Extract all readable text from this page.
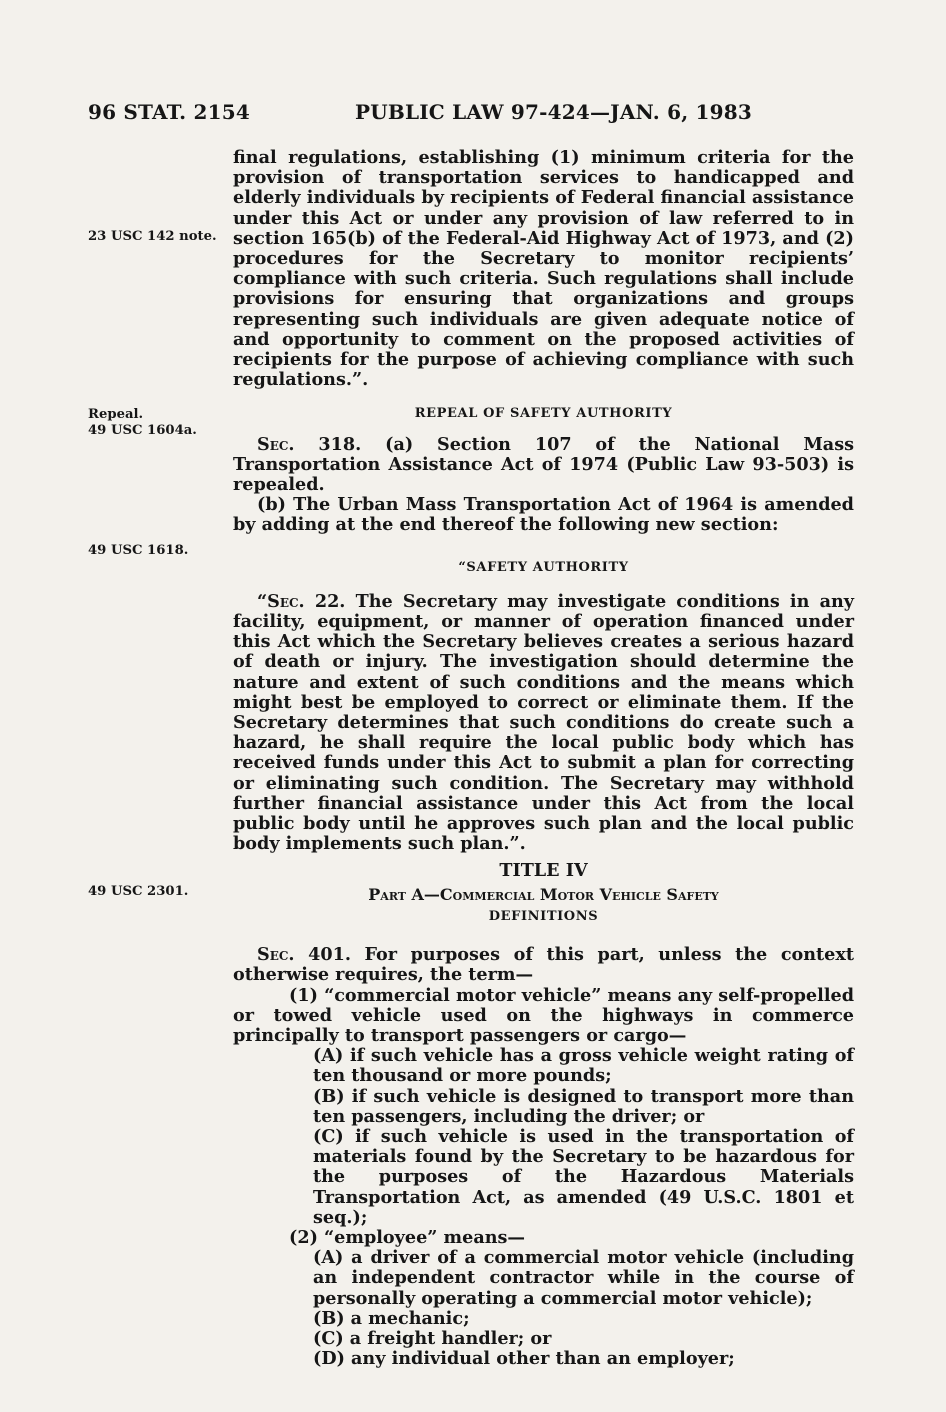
96 STAT. 2154	PUBLIC LAW 97-424—JAN. 6, 1983
23 USC 142 note.
Repeal.
49 USC 1604a.
49 USC 1618.
49 USC 2301.

final regulations, establishing (1) minimum criteria for the provision of transportation services to handicapped and elderly individuals by recipients of Federal financial assistance under this Act or under any provision of law referred to in section 165(b) of the Federal-Aid Highway Act of 1973, and (2) procedures for the Secretary to monitor recipients’ compliance with such criteria. Such regulations shall include provisions for ensuring that organizations and groups representing such individuals are given adequate notice of and opportunity to comment on the proposed activities of recipients for the purpose of achieving compliance with such regulations.”.

REPEAL OF SAFETY AUTHORITY

Sec. 318. (a) Section 107 of the National Mass Transportation Assistance Act of 1974 (Public Law 93-503) is repealed.

(b) The Urban Mass Transportation Act of 1964 is amended by adding at the end thereof the following new section:

“SAFETY AUTHORITY

“Sec. 22. The Secretary may investigate conditions in any facility, equipment, or manner of operation financed under this Act which the Secretary believes creates a serious hazard of death or injury. The investigation should determine the nature and extent of such conditions and the means which might best be employed to correct or eliminate them. If the Secretary determines that such conditions do create such a hazard, he shall require the local public body which has received funds under this Act to submit a plan for correcting or eliminating such condition. The Secretary may withhold further financial assistance under this Act from the local public body until he approves such plan and the local public body implements such plan.”.

TITLE IV
Part A—Commercial Motor Vehicle Safety
DEFINITIONS

Sec. 401. For purposes of this part, unless the context otherwise requires, the term—

(1) “commercial motor vehicle” means any self-propelled or towed vehicle used on the highways in commerce principally to transport passengers or cargo—

(A) if such vehicle has a gross vehicle weight rating of ten thousand or more pounds;

(B) if such vehicle is designed to transport more than ten passengers, including the driver; or

(C) if such vehicle is used in the transportation of materials found by the Secretary to be hazardous for the purposes of the Hazardous Materials Transportation Act, as amended (49 U.S.C. 1801 et seq.);

(2) “employee” means—

(A) a driver of a commercial motor vehicle (including an independent contractor while in the course of personally operating a commercial motor vehicle);

(B) a mechanic;

(C) a freight handler; or

(D) any individual other than an employer;
